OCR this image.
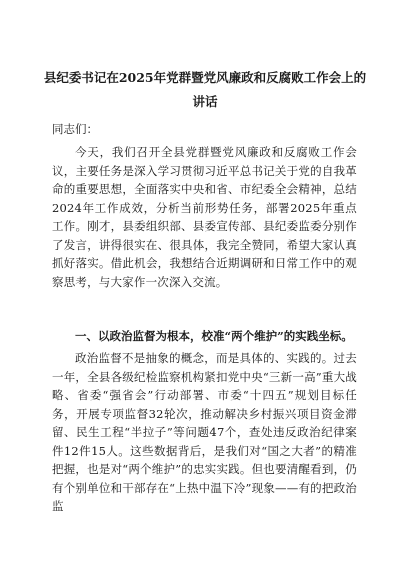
县纪委书记在2025年党群暨党风廉政和反腐败工作会上的
讲话

同志们：

今天，我们召开全县党群暨党风廉政和反腐败工作会议，主要任务是深入学习贯彻习近平总书记关于党的自我革命的重要思想，全面落实中央和省、市纪委全会精神，总结2024年工作成效，分析当前形势任务，部署2025年重点工作。刚才，县委组织部、县委宣传部、县纪委监委分别作了发言，讲得很实在、很具体，我完全赞同，希望大家认真抓好落实。借此机会，我想结合近期调研和日常工作中的观察思考，与大家作一次深入交流。

一、以政治监督为根本，校准“两个维护”的实践坐标。

政治监督不是抽象的概念，而是具体的、实践的。过去一年，全县各级纪检监察机构紧扣党中央“三新一高”重大战略、省委“强省会”行动部署、市委“十四五”规划目标任务，开展专项监督32轮次，推动解决乡村振兴项目资金滞留、民生工程“半拉子”等问题47个，查处违反政治纪律案件12件15人。这些数据背后，是我们对“国之大者”的精准把握，也是对“两个维护”的忠实实践。但也要清醒看到，仍有个别单位和干部存在“上热中温下冷”现象——有的把政治监
